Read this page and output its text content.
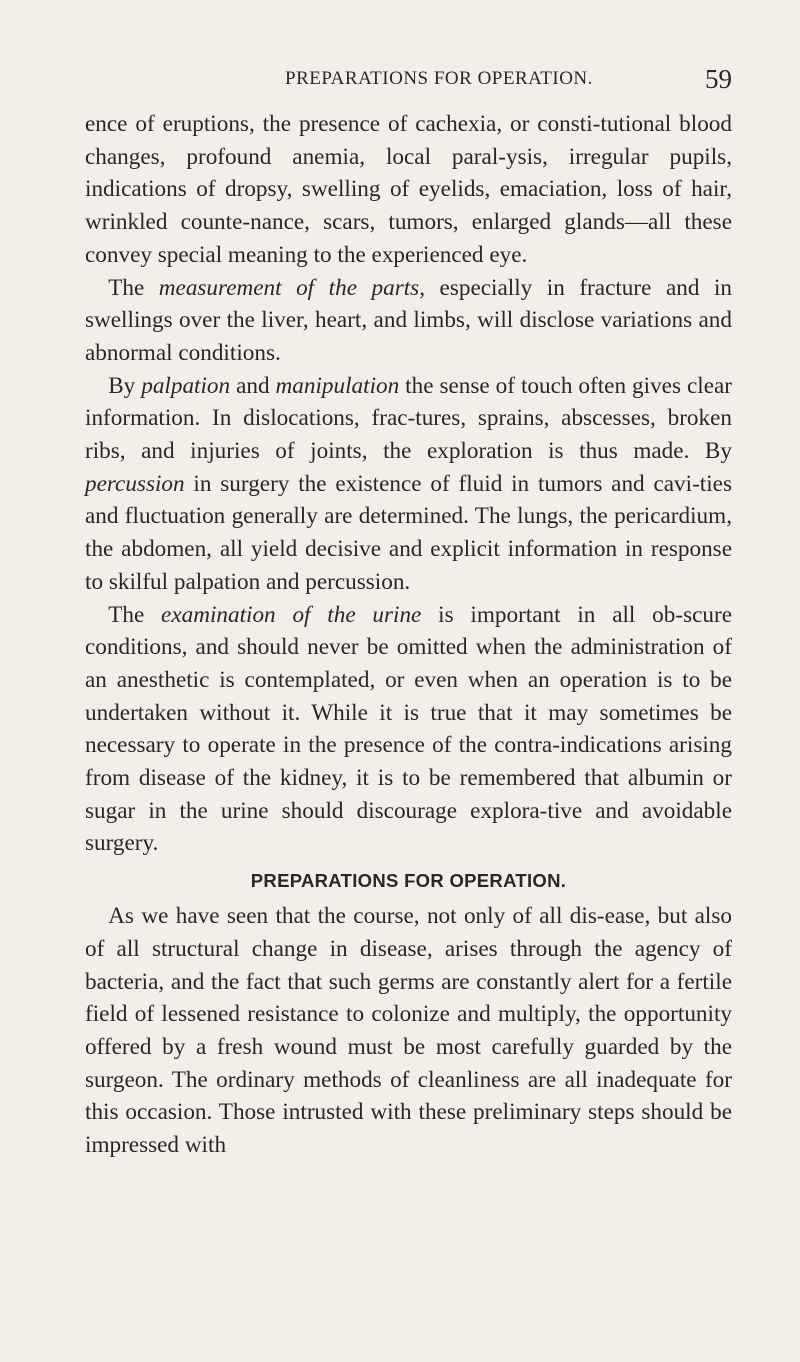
PREPARATIONS FOR OPERATION.	59

ence of eruptions, the presence of cachexia, or consti-tutional blood changes, profound anemia, local paral-ysis, irregular pupils, indications of dropsy, swelling of eyelids, emaciation, loss of hair, wrinkled counte-nance, scars, tumors, enlarged glands—all these convey special meaning to the experienced eye.

The measurement of the parts, especially in fracture and in swellings over the liver, heart, and limbs, will disclose variations and abnormal conditions.

By palpation and manipulation the sense of touch often gives clear information. In dislocations, frac-tures, sprains, abscesses, broken ribs, and injuries of joints, the exploration is thus made. By percussion in surgery the existence of fluid in tumors and cavi-ties and fluctuation generally are determined. The lungs, the pericardium, the abdomen, all yield decisive and explicit information in response to skilful palpation and percussion.

The examination of the urine is important in all ob-scure conditions, and should never be omitted when the administration of an anesthetic is contemplated, or even when an operation is to be undertaken without it. While it is true that it may sometimes be necessary to operate in the presence of the contra-indications arising from disease of the kidney, it is to be remembered that albumin or sugar in the urine should discourage explora-tive and avoidable surgery.

PREPARATIONS FOR OPERATION.

As we have seen that the course, not only of all dis-ease, but also of all structural change in disease, arises through the agency of bacteria, and the fact that such germs are constantly alert for a fertile field of lessened resistance to colonize and multiply, the opportunity offered by a fresh wound must be most carefully guarded by the surgeon. The ordinary methods of cleanliness are all inadequate for this occasion. Those intrusted with these preliminary steps should be impressed with
